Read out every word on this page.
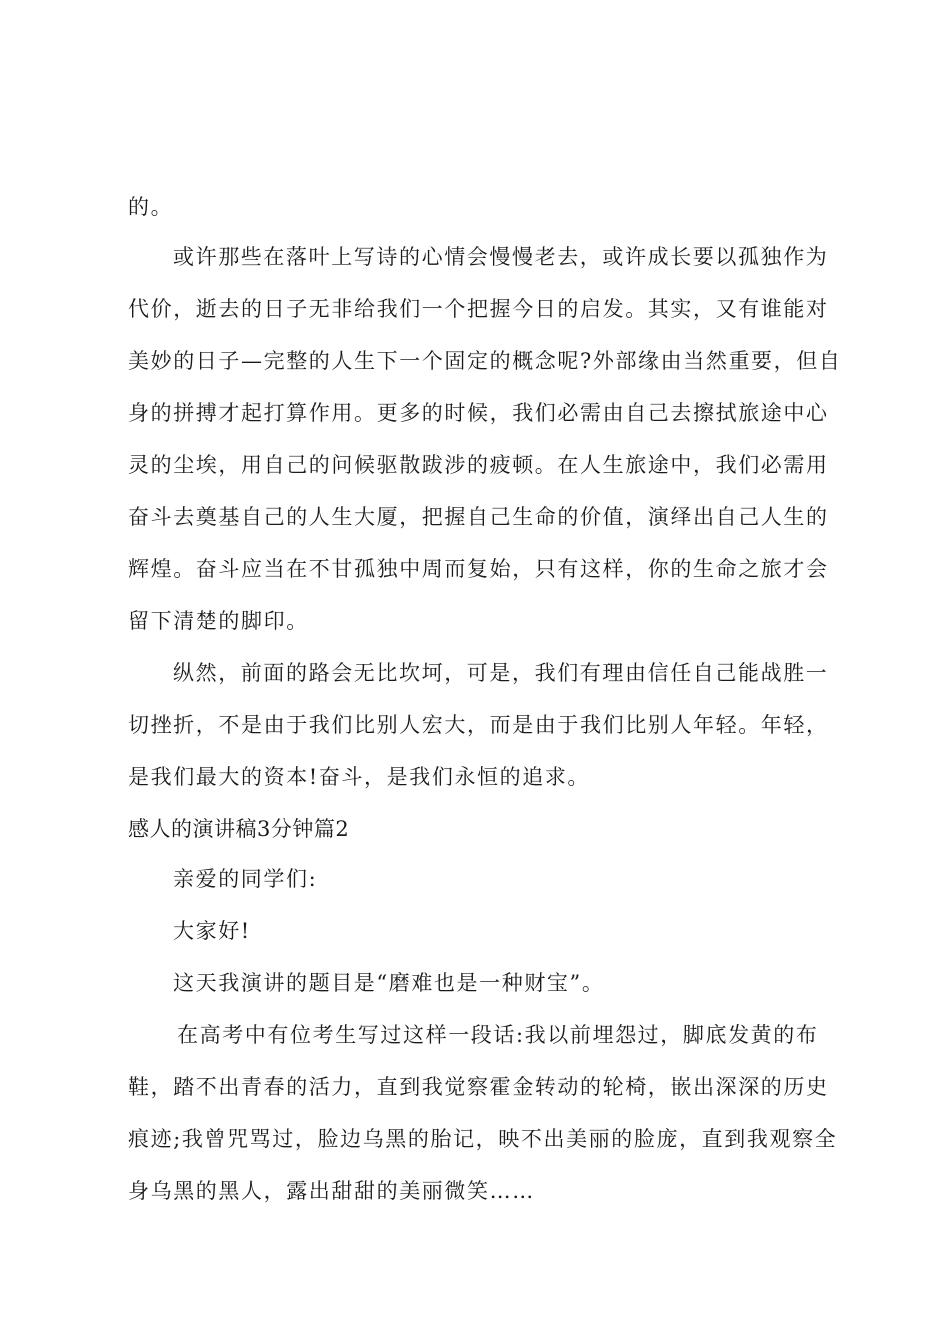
的。
或许那些在落叶上写诗的心情会慢慢老去，或许成长要以孤独作为
代价，逝去的日子无非给我们一个把握今日的启发。其实，又有谁能对
美妙的日子—完整的人生下一个固定的概念呢?外部缘由当然重要，但自
身的拼搏才起打算作用。更多的时候，我们必需由自己去擦拭旅途中心
灵的尘埃，用自己的问候驱散跋涉的疲顿。在人生旅途中，我们必需用
奋斗去奠基自己的人生大厦，把握自己生命的价值，演绎出自己人生的
辉煌。奋斗应当在不甘孤独中周而复始，只有这样，你的生命之旅才会
留下清楚的脚印。
纵然，前面的路会无比坎坷，可是，我们有理由信任自己能战胜一
切挫折，不是由于我们比别人宏大，而是由于我们比别人年轻。年轻，
是我们最大的资本!奋斗，是我们永恒的追求。
感人的演讲稿3分钟篇2
亲爱的同学们:
大家好!
这天我演讲的题目是“磨难也是一种财宝”。
在高考中有位考生写过这样一段话:我以前埋怨过，脚底发黄的布
鞋，踏不出青春的活力，直到我觉察霍金转动的轮椅，嵌出深深的历史
痕迹;我曾咒骂过，脸边乌黑的胎记，映不出美丽的脸庞，直到我观察全
身乌黑的黑人，露出甜甜的美丽微笑……
